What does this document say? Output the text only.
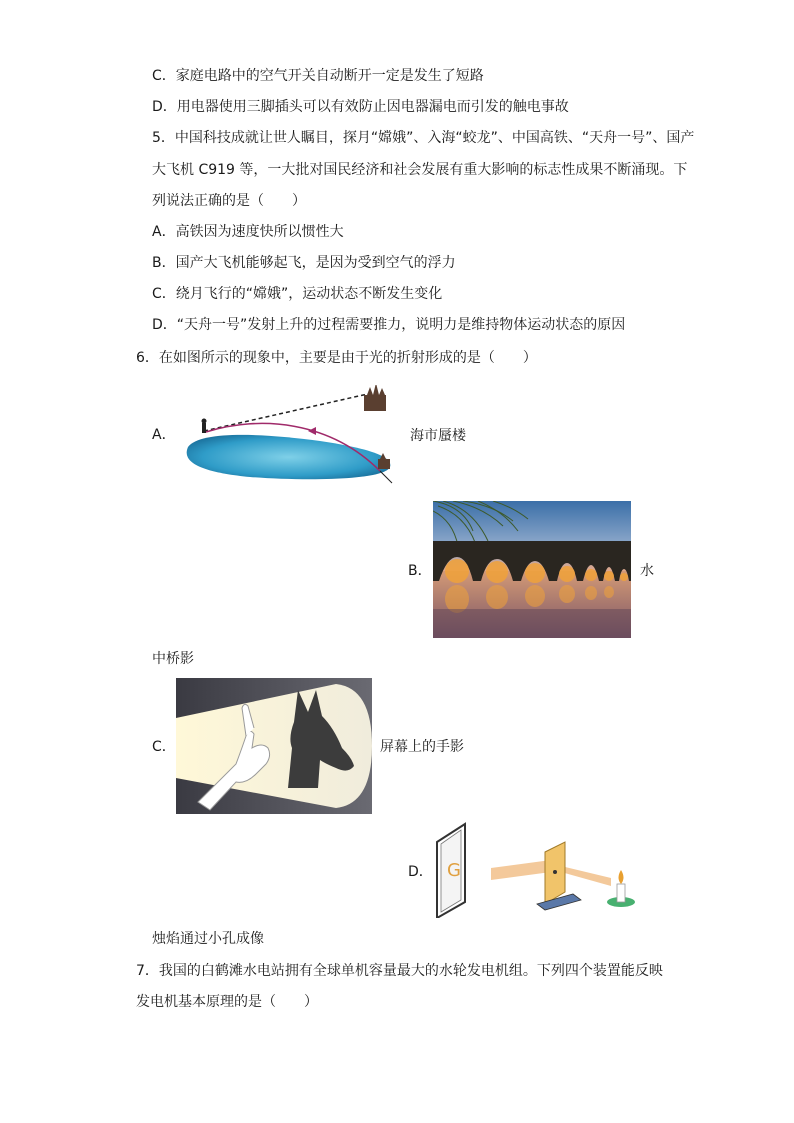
C．家庭电路中的空气开关自动断开一定是发生了短路
D．用电器使用三脚插头可以有效防止因电器漏电而引发的触电事故
5．中国科技成就让世人瞩目，探月“嫦娥”、入海“蛟龙”、中国高铁、“天舟一号”、国产
大飞机 C919 等，一大批对国民经济和社会发展有重大影响的标志性成果不断涌现。下
列说法正确的是（　　）
A．高铁因为速度快所以惯性大
B．国产大飞机能够起飞，是因为受到空气的浮力
C．绕月飞行的“嫦娥”，运动状态不断发生变化
D．“天舟一号”发射上升的过程需要推力，说明力是维持物体运动状态的原因
6．在如图所示的现象中，主要是由于光的折射形成的是（　　）
A．	海市蜃楼
B．	水
中桥影
C．	屏幕上的手影
D． G
烛焰通过小孔成像
7．我国的白鹤滩水电站拥有全球单机容量最大的水轮发电机组。下列四个装置能反映
发电机基本原理的是（　　）
